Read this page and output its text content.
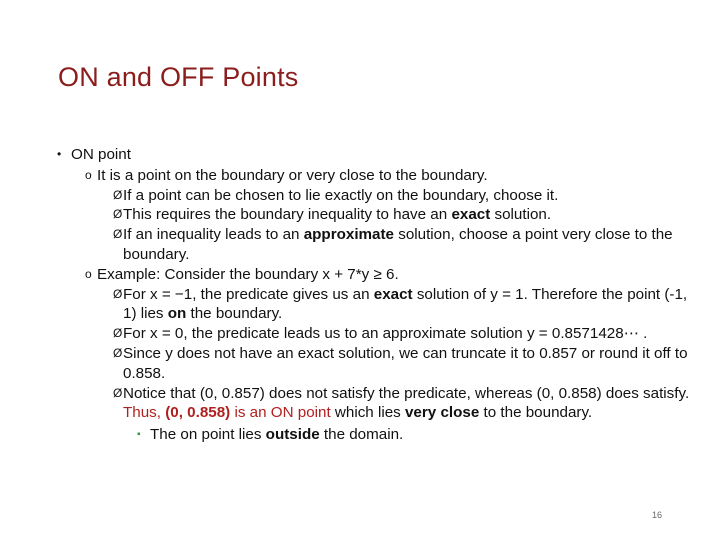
ON and OFF Points
• ON point
o It is a point on the boundary or very close to the boundary.
Ø If a point can be chosen to lie exactly on the boundary, choose it.
Ø This requires the boundary inequality to have an exact solution.
Ø If an inequality leads to an approximate solution, choose a point very close to the boundary.
o Example: Consider the boundary x + 7*y ≥ 6.
Ø For x = −1, the predicate gives us an exact solution of y = 1. Therefore the point (-1, 1) lies on the boundary.
Ø For x = 0, the predicate leads us to an approximate solution y = 0.8571428⋯ .
Ø Since y does not have an exact solution, we can truncate it to 0.857 or round it off to 0.858.
Ø Notice that (0, 0.857) does not satisfy the predicate, whereas (0, 0.858) does satisfy. Thus, (0, 0.858) is an ON point which lies very close to the boundary.
▪ The on point lies outside the domain.
16
